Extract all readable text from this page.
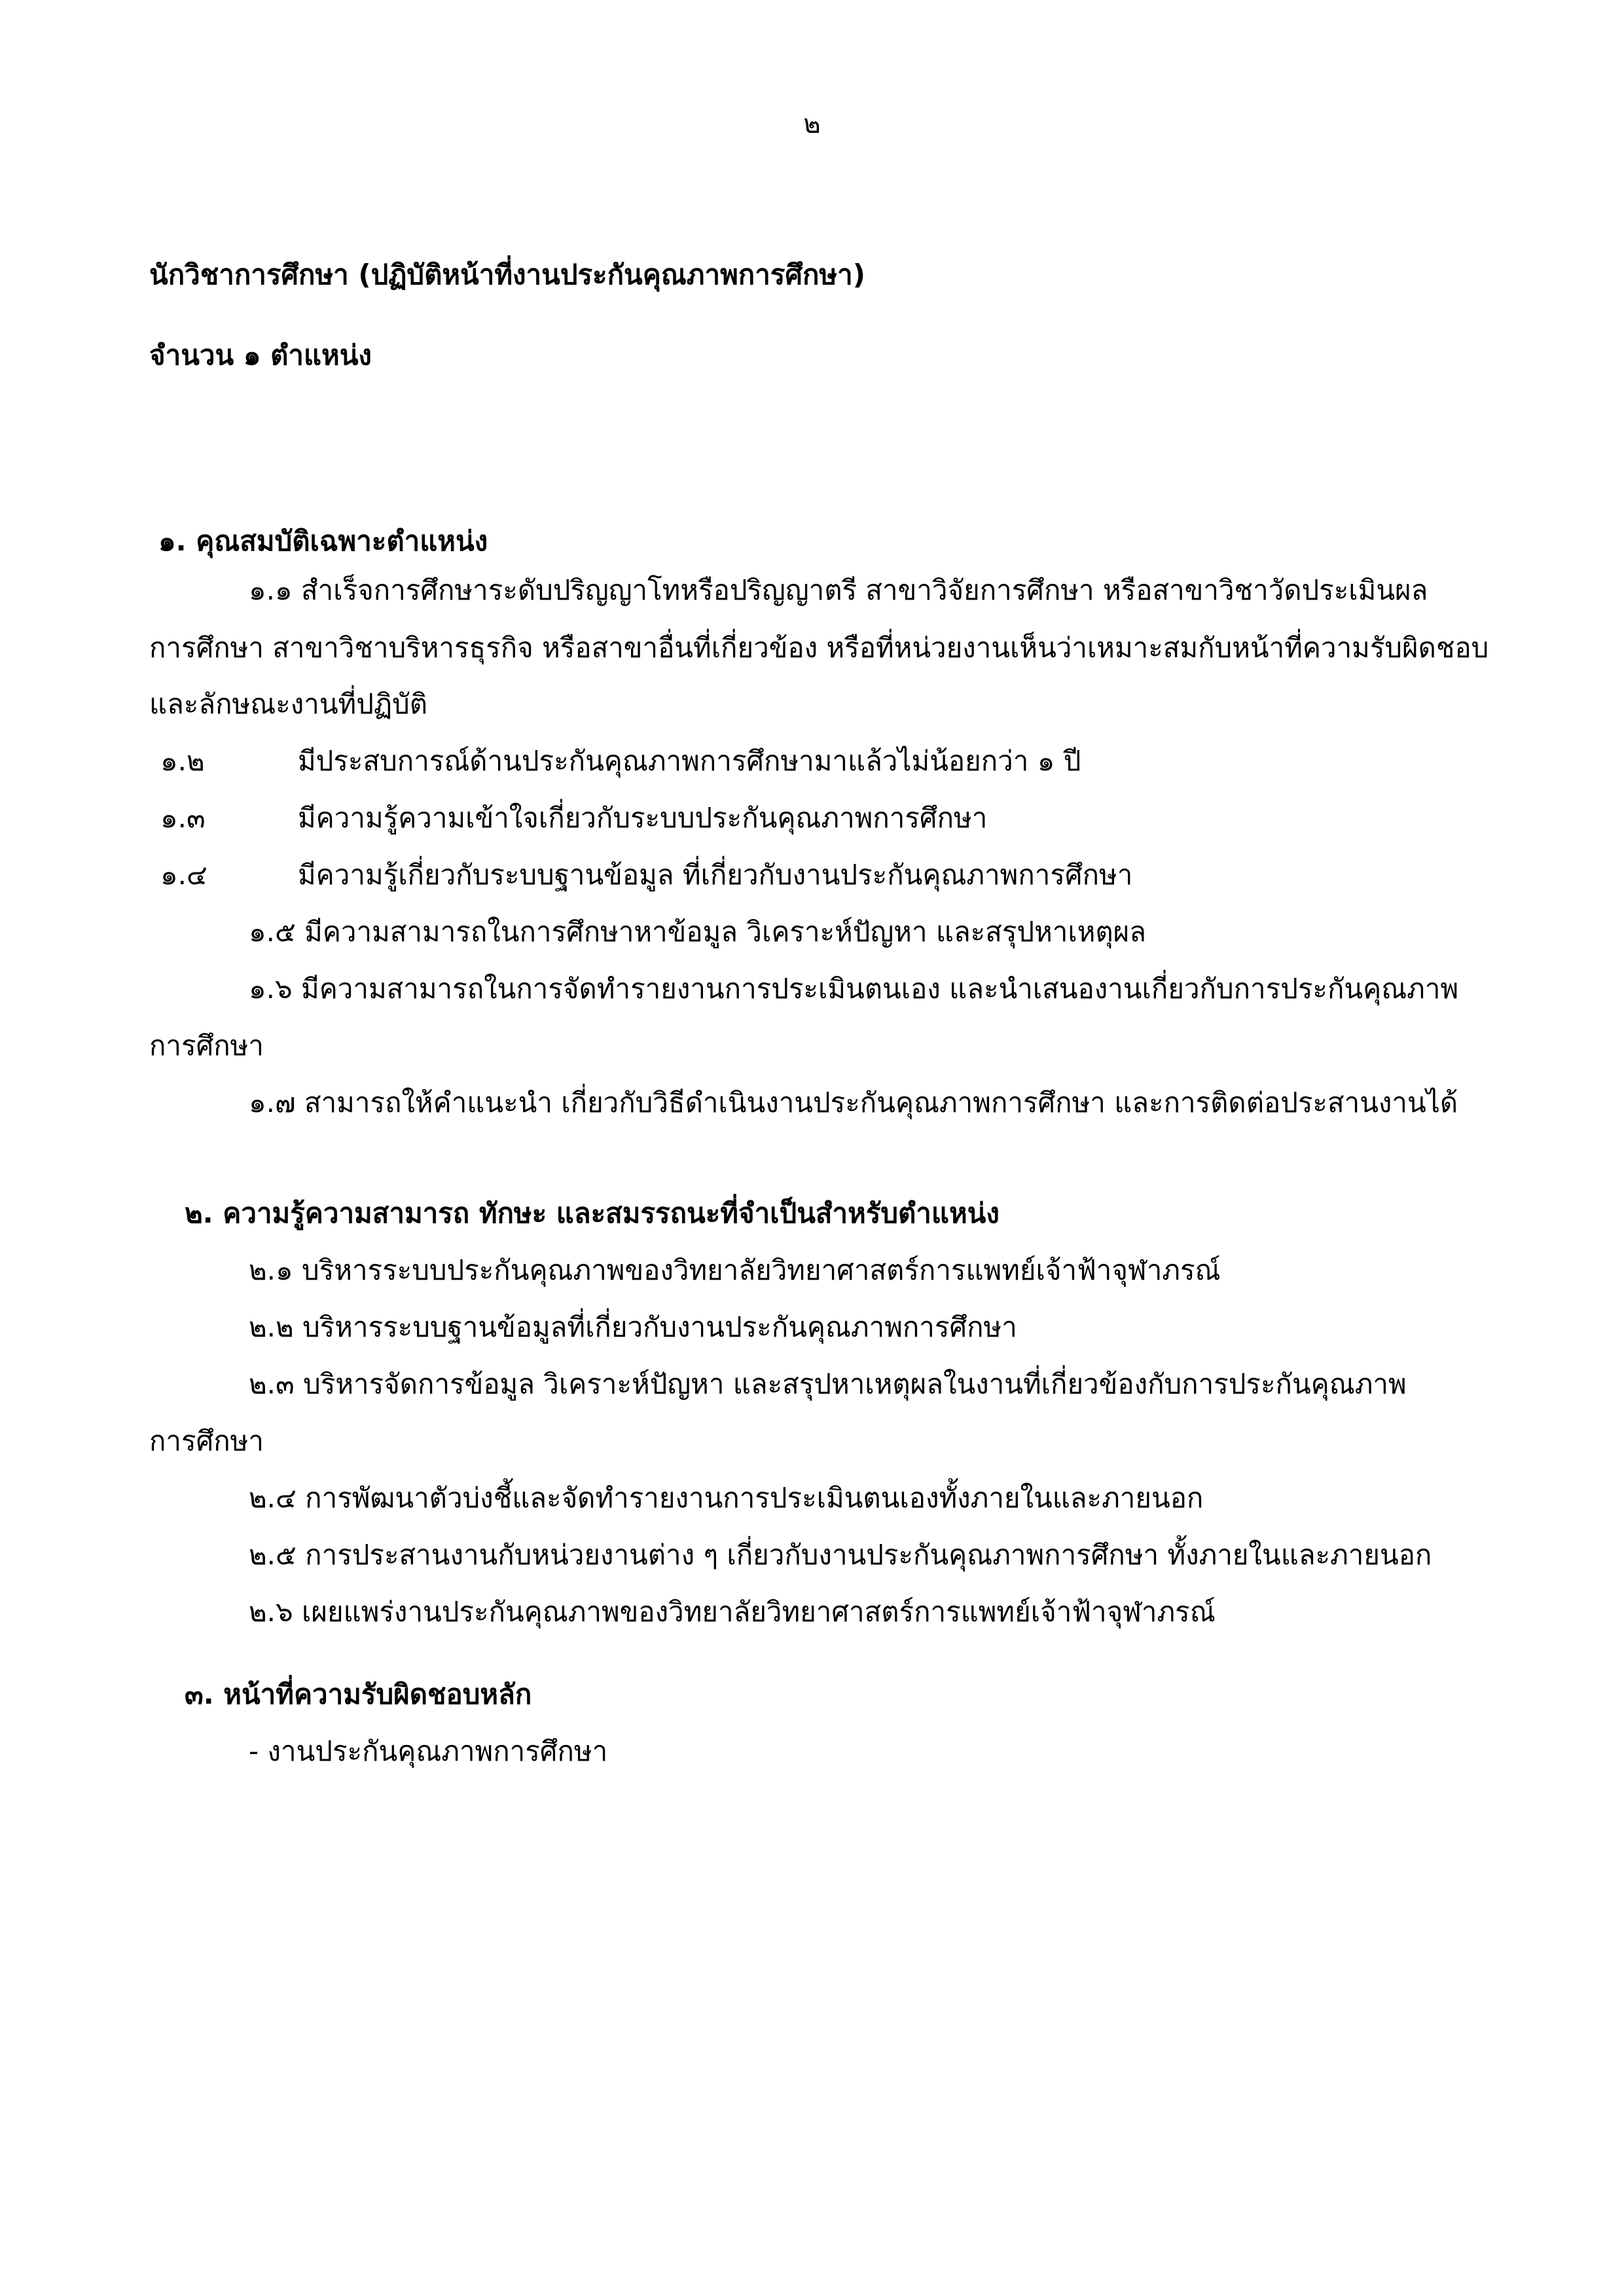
๒
นักวิชาการศึกษา (ปฏิบัติหน้าที่งานประกันคุณภาพการศึกษา)
จำนวน ๑ ตำแหน่ง
๑. คุณสมบัติเฉพาะตำแหน่ง
๑.๑ สำเร็จการศึกษาระดับปริญญาโทหรือปริญญาตรี สาขาวิจัยการศึกษา หรือสาขาวิชาวัดประเมินผล
การศึกษา สาขาวิชาบริหารธุรกิจ หรือสาขาอื่นที่เกี่ยวข้อง หรือที่หน่วยงานเห็นว่าเหมาะสมกับหน้าที่ความรับผิดชอบ
และลักษณะงานที่ปฏิบัติ
๑.๒	มีประสบการณ์ด้านประกันคุณภาพการศึกษามาแล้วไม่น้อยกว่า ๑ ปี
๑.๓	มีความรู้ความเข้าใจเกี่ยวกับระบบประกันคุณภาพการศึกษา
๑.๔	มีความรู้เกี่ยวกับระบบฐานข้อมูล ที่เกี่ยวกับงานประกันคุณภาพการศึกษา
๑.๕ มีความสามารถในการศึกษาหาข้อมูล วิเคราะห์ปัญหา และสรุปหาเหตุผล
๑.๖ มีความสามารถในการจัดทำรายงานการประเมินตนเอง และนำเสนองานเกี่ยวกับการประกันคุณภาพ
การศึกษา
๑.๗ สามารถให้คำแนะนำ เกี่ยวกับวิธีดำเนินงานประกันคุณภาพการศึกษา และการติดต่อประสานงานได้
๒. ความรู้ความสามารถ ทักษะ และสมรรถนะที่จำเป็นสำหรับตำแหน่ง
๒.๑ บริหารระบบประกันคุณภาพของวิทยาลัยวิทยาศาสตร์การแพทย์เจ้าฟ้าจุฬาภรณ์
๒.๒ บริหารระบบฐานข้อมูลที่เกี่ยวกับงานประกันคุณภาพการศึกษา
๒.๓ บริหารจัดการข้อมูล วิเคราะห์ปัญหา และสรุปหาเหตุผลในงานที่เกี่ยวข้องกับการประกันคุณภาพ
การศึกษา
๒.๔ การพัฒนาตัวบ่งชี้และจัดทำรายงานการประเมินตนเองทั้งภายในและภายนอก
๒.๕ การประสานงานกับหน่วยงานต่าง ๆ เกี่ยวกับงานประกันคุณภาพการศึกษา ทั้งภายในและภายนอก
๒.๖ เผยแพร่งานประกันคุณภาพของวิทยาลัยวิทยาศาสตร์การแพทย์เจ้าฟ้าจุฬาภรณ์
๓. หน้าที่ความรับผิดชอบหลัก
- งานประกันคุณภาพการศึกษา
